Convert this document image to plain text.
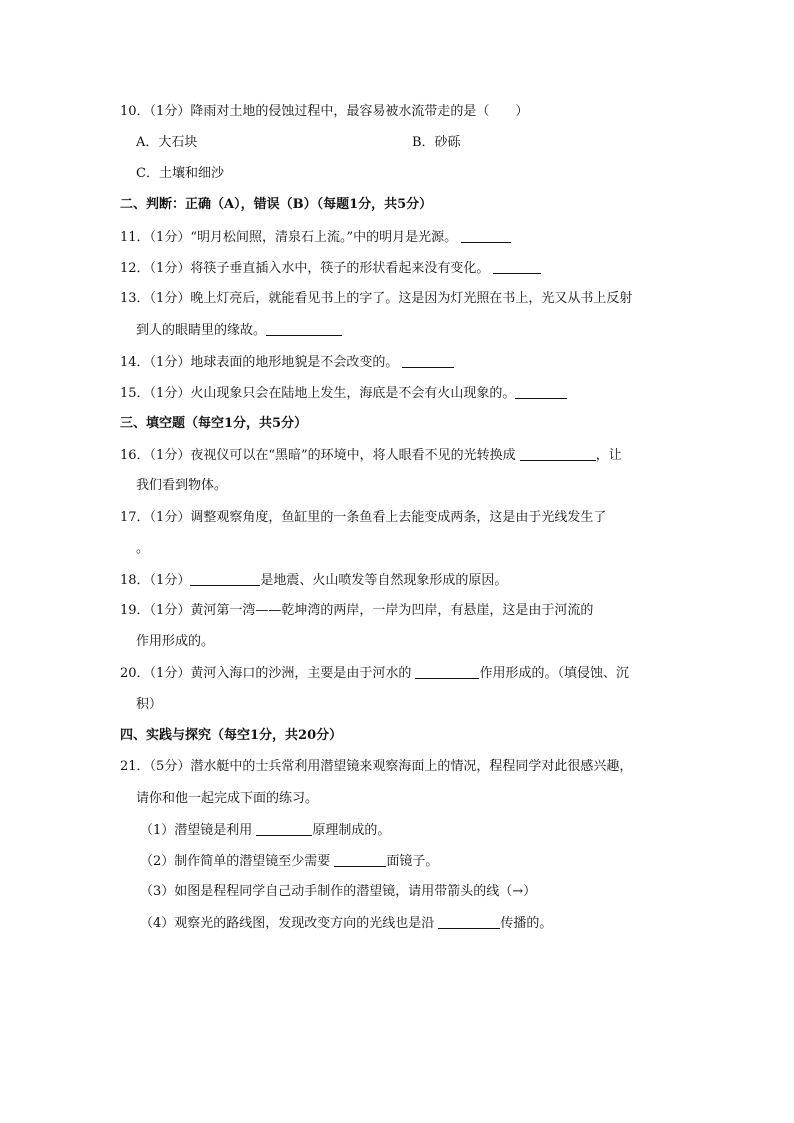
10．（1分）降雨对土地的侵蚀过程中，最容易被水流带走的是（　　）
A．大石块	B．砂砾
C．土壤和细沙
二、判断：正确（A），错误（B）（每题1分，共5分）
11．（1分）“明月松间照，清泉石上流。”中的明月是光源。
12．（1分）将筷子垂直插入水中，筷子的形状看起来没有变化。
13．（1分）晚上灯亮后，就能看见书上的字了。这是因为灯光照在书上，光又从书上反射
到人的眼睛里的缘故。
14．（1分）地球表面的地形地貌是不会改变的。
15．（1分）火山现象只会在陆地上发生，海底是不会有火山现象的。
三、填空题（每空1分，共5分）
16．（1分）夜视仪可以在“黑暗”的环境中，将人眼看不见的光转换成	，让
我们看到物体。
17．（1分）调整观察角度，鱼缸里的一条鱼看上去能变成两条，这是由于光线发生了
。
18．（1分）	是地震、火山喷发等自然现象形成的原因。
19．（1分）黄河第一湾——乾坤湾的两岸，一岸为凹岸，有悬崖，这是由于河流的
作用形成的。
20．（1分）黄河入海口的沙洲，主要是由于河水的	作用形成的。（填侵蚀、沉
积）
四、实践与探究（每空1分，共20分）
21．（5分）潜水艇中的士兵常利用潜望镜来观察海面上的情况，程程同学对此很感兴趣，
请你和他一起完成下面的练习。
（1）潜望镜是利用	原理制成的。
（2）制作简单的潜望镜至少需要	面镜子。
（3）如图是程程同学自己动手制作的潜望镜，请用带箭头的线（→）
（4）观察光的路线图，发现改变方向的光线也是沿	传播的。
